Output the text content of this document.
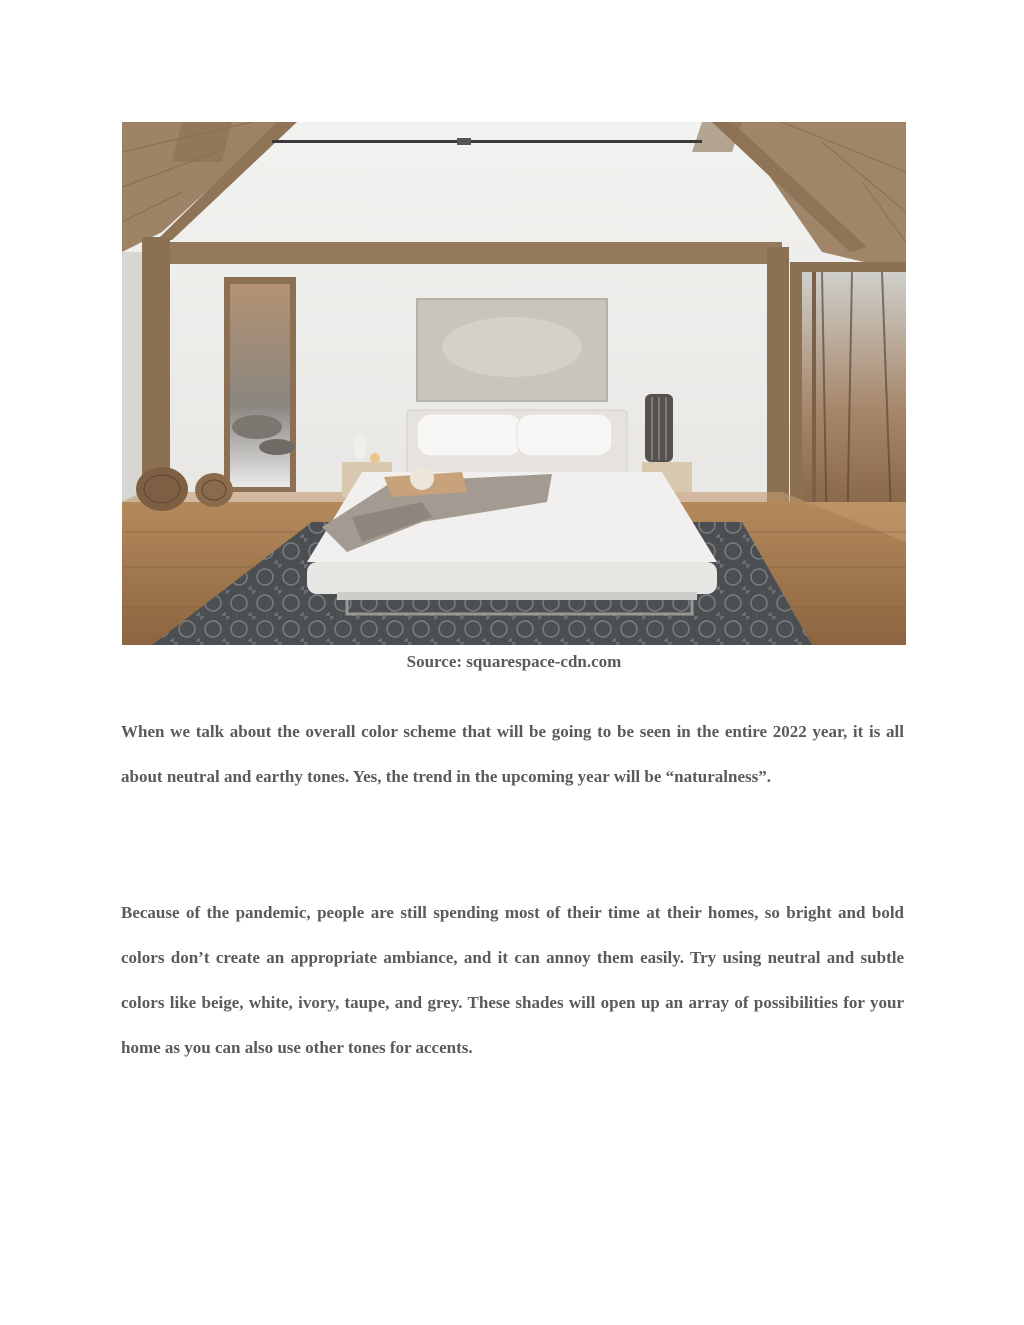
Source: squarespace-cdn.com

When we talk about the overall color scheme that will be going to be seen in the entire 2022 year, it is all about neutral and earthy tones. Yes, the trend in the upcoming year will be “naturalness”.

Because of the pandemic, people are still spending most of their time at their homes, so bright and bold colors don’t create an appropriate ambiance, and it can annoy them easily. Try using neutral and subtle colors like beige, white, ivory, taupe, and grey. These shades will open up an array of possibilities for your home as you can also use other tones for accents.
